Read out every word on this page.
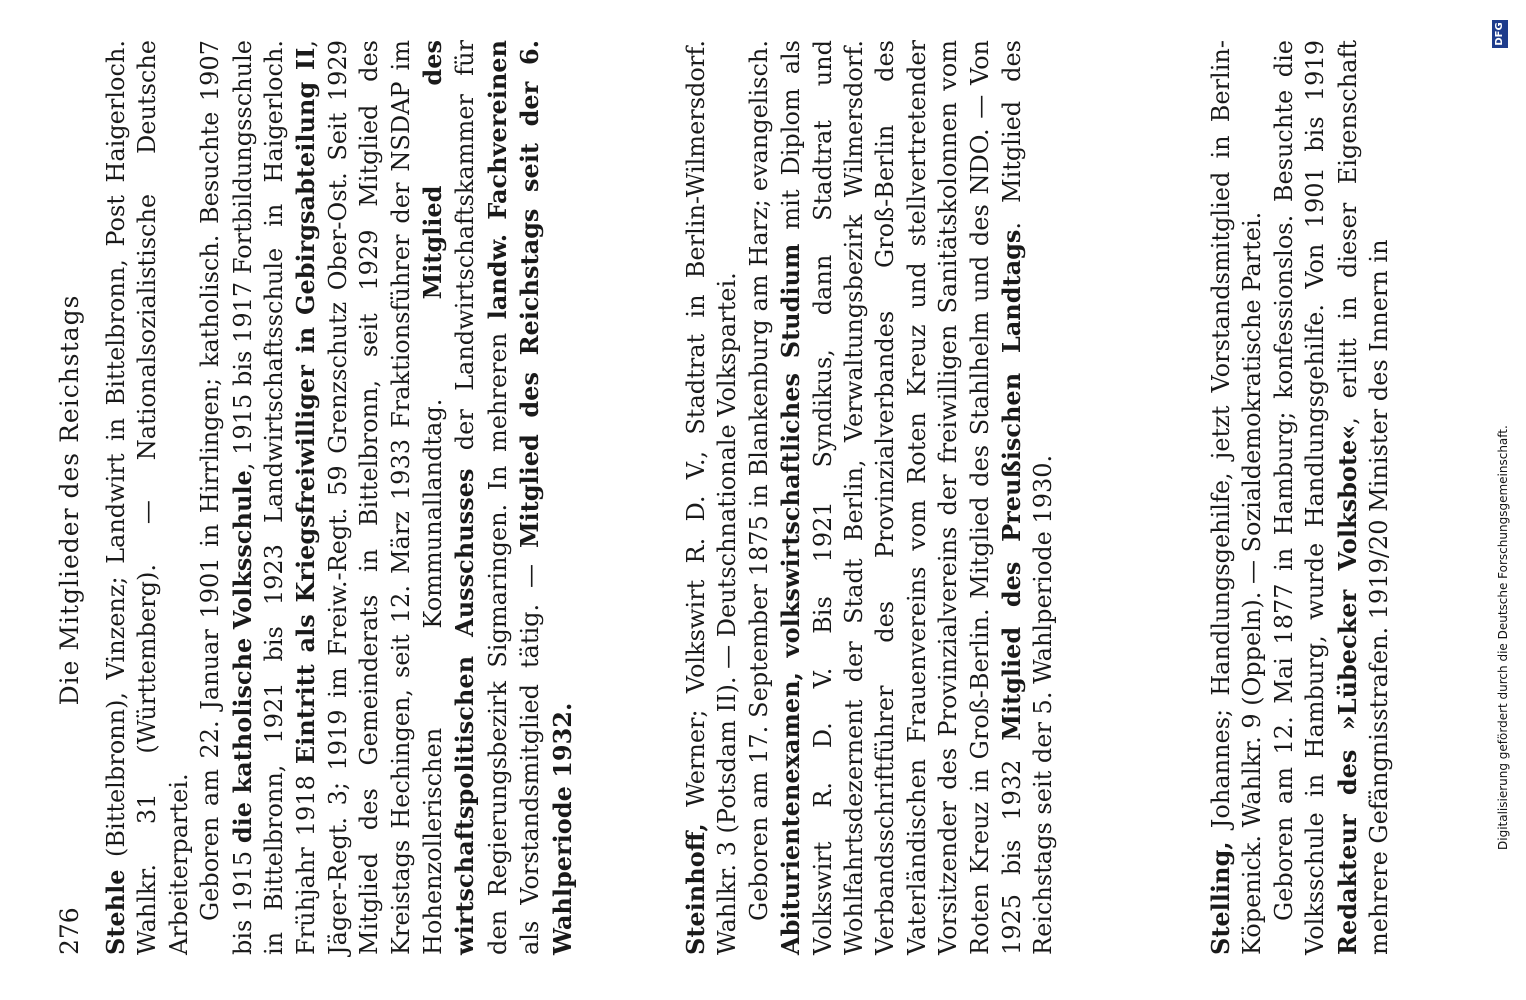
276
Die Mitglieder des Reichstags

Stehle (Bittelbronn), Vinzenz; Landwirt in Bittelbronn, Post Haigerloch. Wahlkr. 31 (Württemberg). — Nationalsozialistische Deutsche Arbeiterpartei. Geboren am 22. Januar 1901 in Hirrlingen; katholisch. Besuchte 1907 bis 1915 die katholische Volksschule, 1915 bis 1917 Fortbildungsschule in Bittelbronn, 1921 bis 1923 Landwirtschaftsschule in Haigerloch. Frühjahr 1918 Eintritt als Kriegsfreiwilliger in Gebirgsabteilung II, Jäger-Regt. 3; 1919 im Freiw.-Regt. 59 Grenzschutz Ober-Ost. Seit 1929 Mitglied des Gemeinderats in Bittelbronn, seit 1929 Mitglied des Kreistags Hechingen, seit 12. März 1933 Fraktionsführer der NSDAP im Hohenzollerischen Kommunallandtag. Mitglied des wirtschaftspolitischen Ausschusses der Landwirtschaftskammer für den Regierungsbezirk Sigmaringen. In mehreren landw. Fachvereinen als Vorstandsmitglied tätig. — Mitglied des Reichstags seit der 6. Wahlperiode 1932.	Steinhoff, Werner; Volkswirt R. D. V., Stadtrat in Berlin-Wilmersdorf. Wahlkr. 3 (Potsdam II). — Deutschnationale Volkspartei. Geboren am 17. September 1875 in Blankenburg am Harz; evangelisch. Abiturientenexamen, volkswirtschaftliches Studium mit Diplom als Volkswirt R. D. V. Bis 1921 Syndikus, dann Stadtrat und Wohlfahrtsdezernent der Stadt Berlin, Verwaltungsbezirk Wilmersdorf. Verbandsschriftführer des Provinzialverbandes Groß-Berlin des Vaterländischen Frauenvereins vom Roten Kreuz und stellvertretender Vorsitzender des Provinzialvereins der freiwilligen Sanitätskolonnen vom Roten Kreuz in Groß-Berlin. Mitglied des Stahlhelm und des NDO. — Von 1925 bis 1932 Mitglied des Preußischen Landtags. Mitglied des Reichstags seit der 5. Wahlperiode 1930.	Stelling, Johannes; Handlungsgehilfe, jetzt Vorstandsmitglied in Berlin-Köpenick. Wahlkr. 9 (Oppeln). — Sozialdemokratische Partei. Geboren am 12. Mai 1877 in Hamburg; konfessionslos. Besuchte die Volksschule in Hamburg, wurde Handlungsgehilfe. Von 1901 bis 1919 Redakteur des »Lübecker Volksbote«, erlitt in dieser Eigenschaft mehrere Gefängnisstrafen. 1919/20 Minister des Innern in	Digitalisierung gefördert durch die Deutsche Forschungsgemeinschaft.
DFG
